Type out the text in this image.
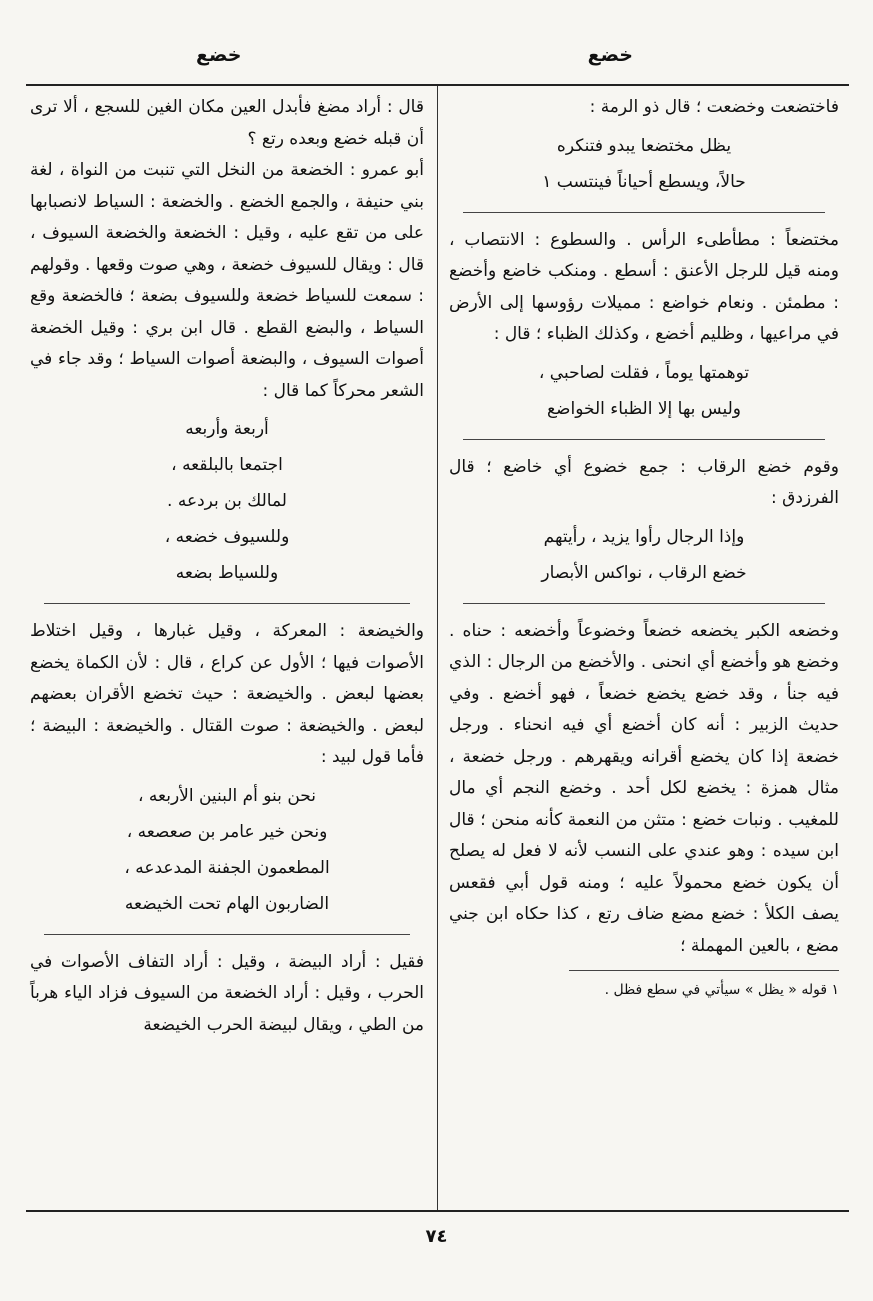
خضع
خضع

فاختضعت وخضعت ؛ قال ذو الرمة :

يظل مختضعا يبدو فتنكره
حالاً، ويسطع أحياناً فينتسب ١

مختضعاً : مطأطىء الرأس . والسطوع : الانتصاب ، ومنه قيل للرجل الأعنق : أسطع . ومنكب خاضع وأخضع : مطمئن . ونعام خواضع : مميلات رؤوسها إلى الأرض في مراعيها ، وظليم أخضع ، وكذلك الظباء ؛ قال :

توهمتها يوماً ، فقلت لصاحبي ،
وليس بها إلا الظباء الخواضع

وقوم خضع الرقاب : جمع خضوع أي خاضع ؛ قال الفرزدق :

وإذا الرجال رأوا يزيد ، رأيتهم
خضع الرقاب ، نواكس الأبصار

وخضعه الكبر يخضعه خضعاً وخضوعاً وأخضعه : حناه . وخضع هو وأخضع أي انحنى . والأخضع من الرجال : الذي فيه جنأ ، وقد خضع يخضع خضعاً ، فهو أخضع . وفي حديث الزبير : أنه كان أخضع أي فيه انحناء . ورجل خضعة إذا كان يخضع أقرانه ويقهرهم . ورجل خضعة ، مثال همزة : يخضع لكل أحد . وخضع النجم أي مال للمغيب . ونبات خضع : متثن من النعمة كأنه منحن ؛ قال ابن سيده : وهو عندي على النسب لأنه لا فعل له يصلح أن يكون خضع محمولاً عليه ؛ ومنه قول أبي فقعس يصف الكلأ : خضع مضع ضاف رتع ، كذا حكاه ابن جني مضع ، بالعين المهملة ؛

١ قوله « يظل » سيأتي في سطع فظل .

قال : أراد مضغ فأبدل العين مكان الغين للسجع ، ألا ترى أن قبله خضع وبعده رتع ؟

أبو عمرو : الخضعة من النخل التي تنبت من النواة ، لغة بني حنيفة ، والجمع الخضع . والخضعة : السياط لانصبابها على من تقع عليه ، وقيل : الخضعة والخضعة السيوف ، قال : ويقال للسيوف خضعة ، وهي صوت وقعها . وقولهم : سمعت للسياط خضعة وللسيوف بضعة ؛ فالخضعة وقع السياط ، والبضع القطع . قال ابن بري : وقيل الخضعة أصوات السيوف ، والبضعة أصوات السياط ؛ وقد جاء في الشعر محركاً كما قال :

أربعة وأربعه
اجتمعا بالبلقعه ،
لمالك بن بردعه .
وللسيوف خضعه ،
وللسياط بضعه

والخيضعة : المعركة ، وقيل غبارها ، وقيل اختلاط الأصوات فيها ؛ الأول عن كراع ، قال : لأن الكماة يخضع بعضها لبعض . والخيضعة : حيث تخضع الأقران بعضهم لبعض . والخيضعة : صوت القتال . والخيضعة : البيضة ؛ فأما قول لبيد :

نحن بنو أم البنين الأربعه ،
ونحن خير عامر بن صعصعه ،
المطعمون الجفنة المدعدعه ،
الضاربون الهام تحت الخيضعه

فقيل : أراد البيضة ، وقيل : أراد التفاف الأصوات في الحرب ، وقيل : أراد الخضعة من السيوف فزاد الياء هرباً من الطي ، ويقال لبيضة الحرب الخيضعة

٧٤
